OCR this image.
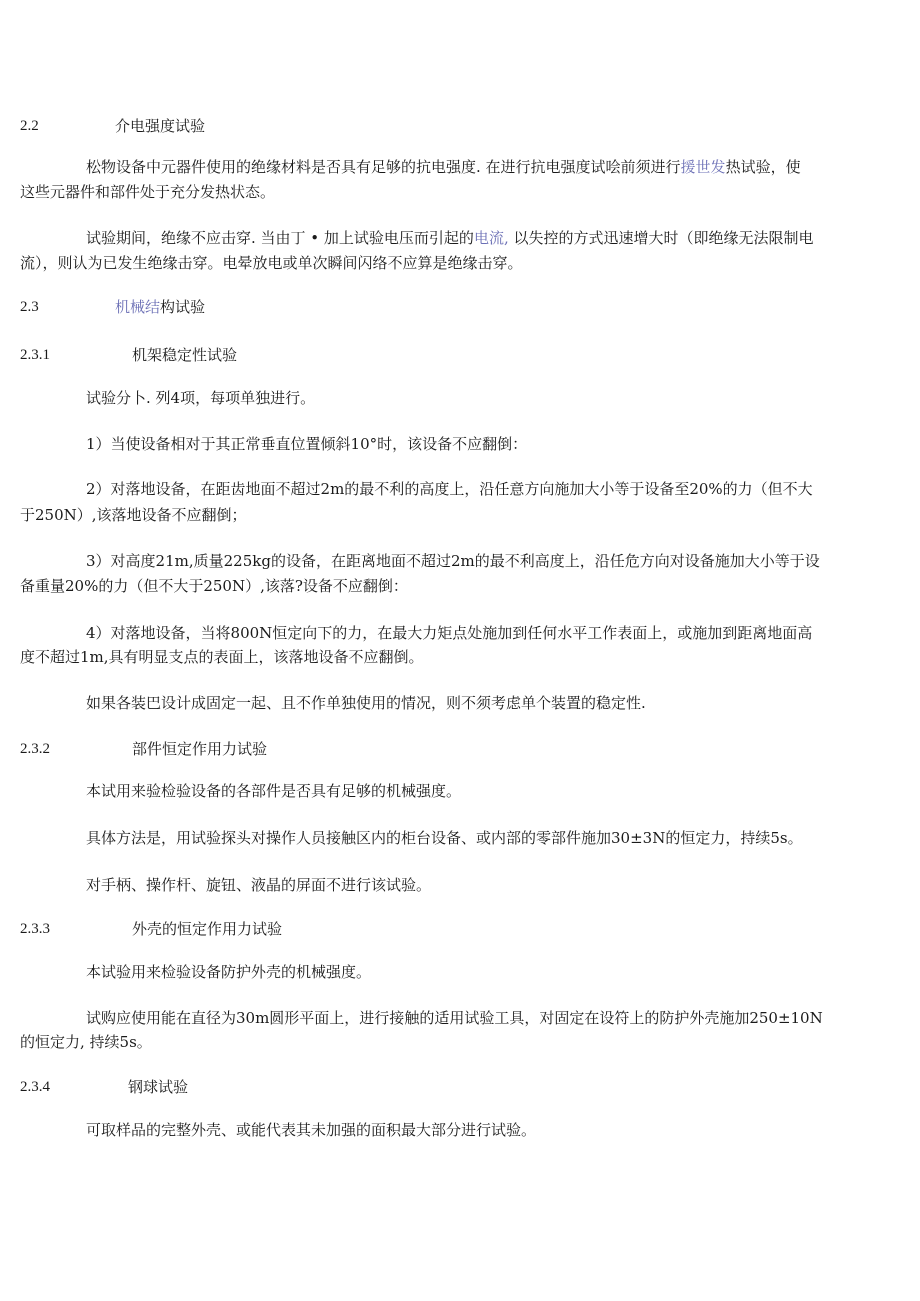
2.2	介电强度试验
松物设备中元器件使用的绝缘材料是否具有足够的抗电强度. 在进行抗电强度试哙前须进行援世发热试验，使
这些元器件和部件处于充分发热状态。
试验期间，绝缘不应击穿. 当由丁 • 加上试验电压而引起的电流, 以失控的方式迅速增大时（即绝缘无法限制电
流），则认为已发生绝缘击穿。电晕放电或单次瞬间闪络不应算是绝缘击穿。
2.3	机械结构试验
2.3.1	机架稳定性试验
试验分卜. 列4项，每项单独进行。
1）当使设备相对于其正常垂直位置倾斜10°时，该设备不应翻倒：
2）对落地设备，在距齿地面不超过2m的最不利的高度上，沿任意方向施加大小等于设备至20%的力（但不大
于250N）,该落地设备不应翻倒；
3）对高度21m,质量225kg的设备，在距离地面不超过2m的最不利高度上，沿任危方向对设备施加大小等于设
备重量20%的力（但不大于250N）,该落?设备不应翻倒：
4）对落地设备，当将800N恒定向下的力，在最大力矩点处施加到任何水平工作表面上，或施加到距离地面高
度不超过1m,具有明显支点的表面上，该落地设备不应翻倒。
如果各装巴设计成固定一起、且不作单独使用的情况，则不须考虑单个装置的稳定性.
2.3.2	部件恒定作用力试验
本试用来验检验设备的各部件是否具有足够的机械强度。
具体方法是，用试验探头对操作人员接触区内的柜台设备、或内部的零部件施加30±3N的恒定力，持续5s。
对手柄、操作杆、旋钮、液晶的屏面不进行该试验。
2.3.3	外壳的恒定作用力试验
本试验用来检验设备防护外壳的机械强度。
试购应使用能在直径为30m圆形平面上，进行接触的适用试验工具，对固定在设符上的防护外壳施加250±10N
的恒定力, 持续5s。
2.3.4	钢球试验
可取样品的完整外壳、或能代表其未加强的面积最大部分进行试验。
